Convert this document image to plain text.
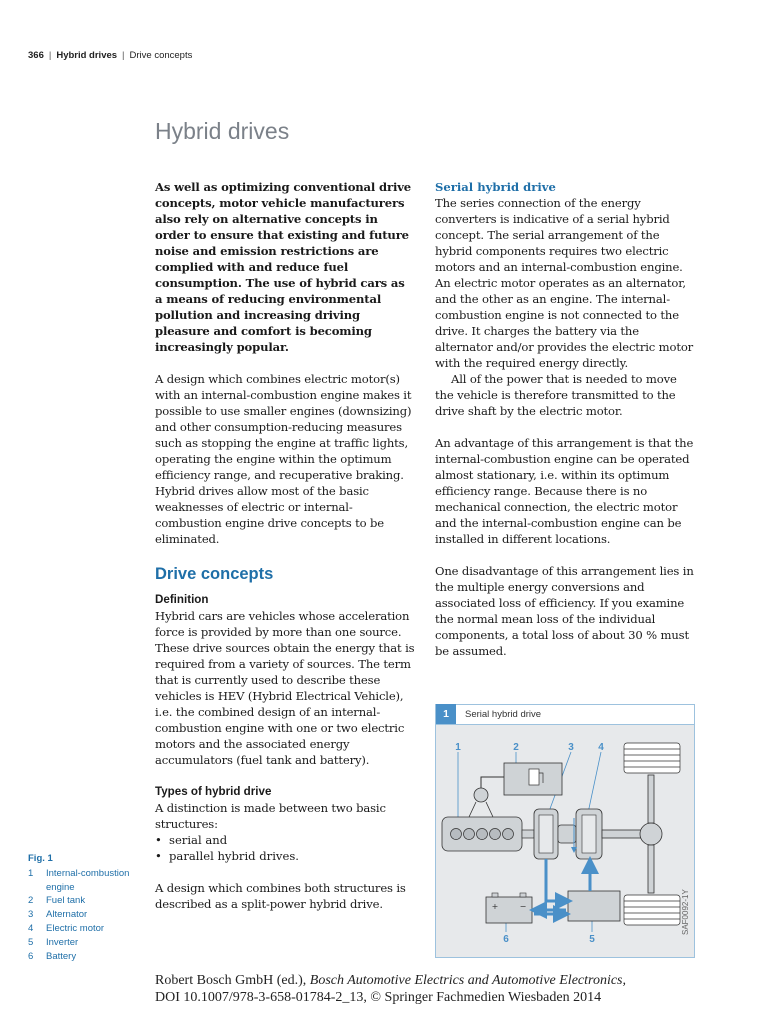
366 | Hybrid drives | Drive concepts
Hybrid drives

As well as optimizing conventional drive concepts, motor vehicle manufacturers also rely on alternative concepts in order to ensure that existing and future noise and emission restrictions are complied with and reduce fuel consumption. The use of hybrid cars as a means of reducing environmental pollution and increasing driving pleasure and comfort is becoming increasingly popular.

A design which combines electric motor(s) with an internal-combustion engine makes it possible to use smaller engines (downsizing) and other consumption-reducing measures such as stopping the engine at traffic lights, operating the engine within the optimum efficiency range, and recuperative braking. Hybrid drives allow most of the basic weaknesses of electric or internal-combustion engine drive concepts to be eliminated.

Drive concepts
Definition

Hybrid cars are vehicles whose acceleration force is provided by more than one source. These drive sources obtain the energy that is required from a variety of sources. The term that is currently used to describe these vehicles is HEV (Hybrid Electrical Vehicle), i.e. the combined design of an internal-combustion engine with one or two electric motors and the associated energy accumulators (fuel tank and battery).

Types of hybrid drive

A distinction is made between two basic structures:

• serial and
• parallel hybrid drives.

A design which combines both structures is described as a split-power hybrid drive.

Serial hybrid drive

The series connection of the energy converters is indicative of a serial hybrid concept. The serial arrangement of the hybrid components requires two electric motors and an internal-combustion engine. An electric motor operates as an alternator, and the other as an engine. The internal-combustion engine is not connected to the drive. It charges the battery via the alternator and/or provides the electric motor with the required energy directly.

All of the power that is needed to move the vehicle is therefore transmitted to the drive shaft by the electric motor.

An advantage of this arrangement is that the internal-combustion engine can be operated almost stationary, i.e. within its optimum efficiency range. Because there is no mechanical connection, the electric motor and the internal-combustion engine can be installed in different locations.

One disadvantage of this arrangement lies in the multiple energy conversions and associated loss of efficiency. If you examine the normal mean loss of the individual components, a total loss of about 30 % must be assumed.

Fig. 1
1	Internal-combustion engine
2	Fuel tank
3	Alternator
4	Electric motor
5	Inverter
6	Battery
1	Serial hybrid drive
1	2	3 4
5
6
+	−	SAF0092-1Y
Robert Bosch GmbH (ed.), Bosch Automotive Electrics and Automotive Electronics,
DOI 10.1007/978-3-658-01784-2_13, © Springer Fachmedien Wiesbaden 2014
